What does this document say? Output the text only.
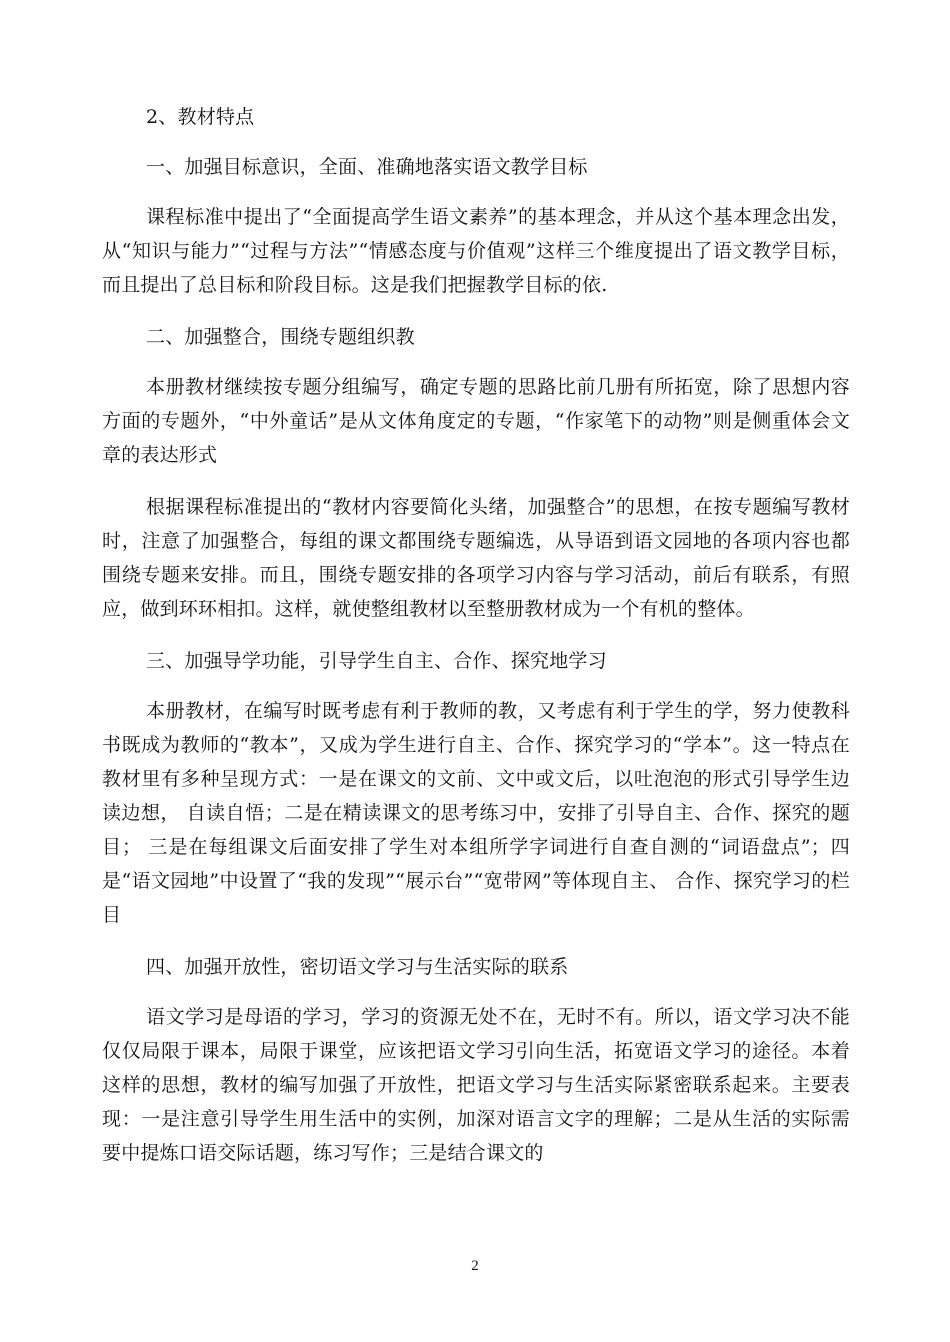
2、教材特点

一、加强目标意识，全面、准确地落实语文教学目标

课程标准中提出了“全面提高学生语文素养”的基本理念，并从这个基本理念出发，从“知识与能力”“过程与方法”“情感态度与价值观”这样三个维度提出了语文教学目标，而且提出了总目标和阶段目标。这是我们把握教学目标的依.

二、加强整合，围绕专题组织教

本册教材继续按专题分组编写，确定专题的思路比前几册有所拓宽，除了思想内容方面的专题外，“中外童话”是从文体角度定的专题，“作家笔下的动物”则是侧重体会文章的表达形式

根据课程标准提出的“教材内容要简化头绪，加强整合”的思想，在按专题编写教材时，注意了加强整合，每组的课文都围绕专题编选，从导语到语文园地的各项内容也都围绕专题来安排。而且，围绕专题安排的各项学习内容与学习活动，前后有联系，有照应，做到环环相扣。这样，就使整组教材以至整册教材成为一个有机的整体。

三、加强导学功能，引导学生自主、合作、探究地学习

本册教材，在编写时既考虑有利于教师的教，又考虑有利于学生的学，努力使教科书既成为教师的“教本”，又成为学生进行自主、合作、探究学习的“学本”。这一特点在教材里有多种呈现方式：一是在课文的文前、文中或文后，以吐泡泡的形式引导学生边读边想， 自读自悟；二是在精读课文的思考练习中，安排了引导自主、合作、探究的题目； 三是在每组课文后面安排了学生对本组所学字词进行自查自测的“词语盘点”；四是“语文园地”中设置了“我的发现”“展示台”“宽带网”等体现自主、 合作、探究学习的栏目

四、加强开放性，密切语文学习与生活实际的联系

语文学习是母语的学习，学习的资源无处不在，无时不有。所以，语文学习决不能仅仅局限于课本，局限于课堂，应该把语文学习引向生活，拓宽语文学习的途径。本着这样的思想，教材的编写加强了开放性，把语文学习与生活实际紧密联系起来。主要表现：一是注意引导学生用生活中的实例，加深对语言文字的理解；二是从生活的实际需要中提炼口语交际话题，练习写作；三是结合课文的

2
